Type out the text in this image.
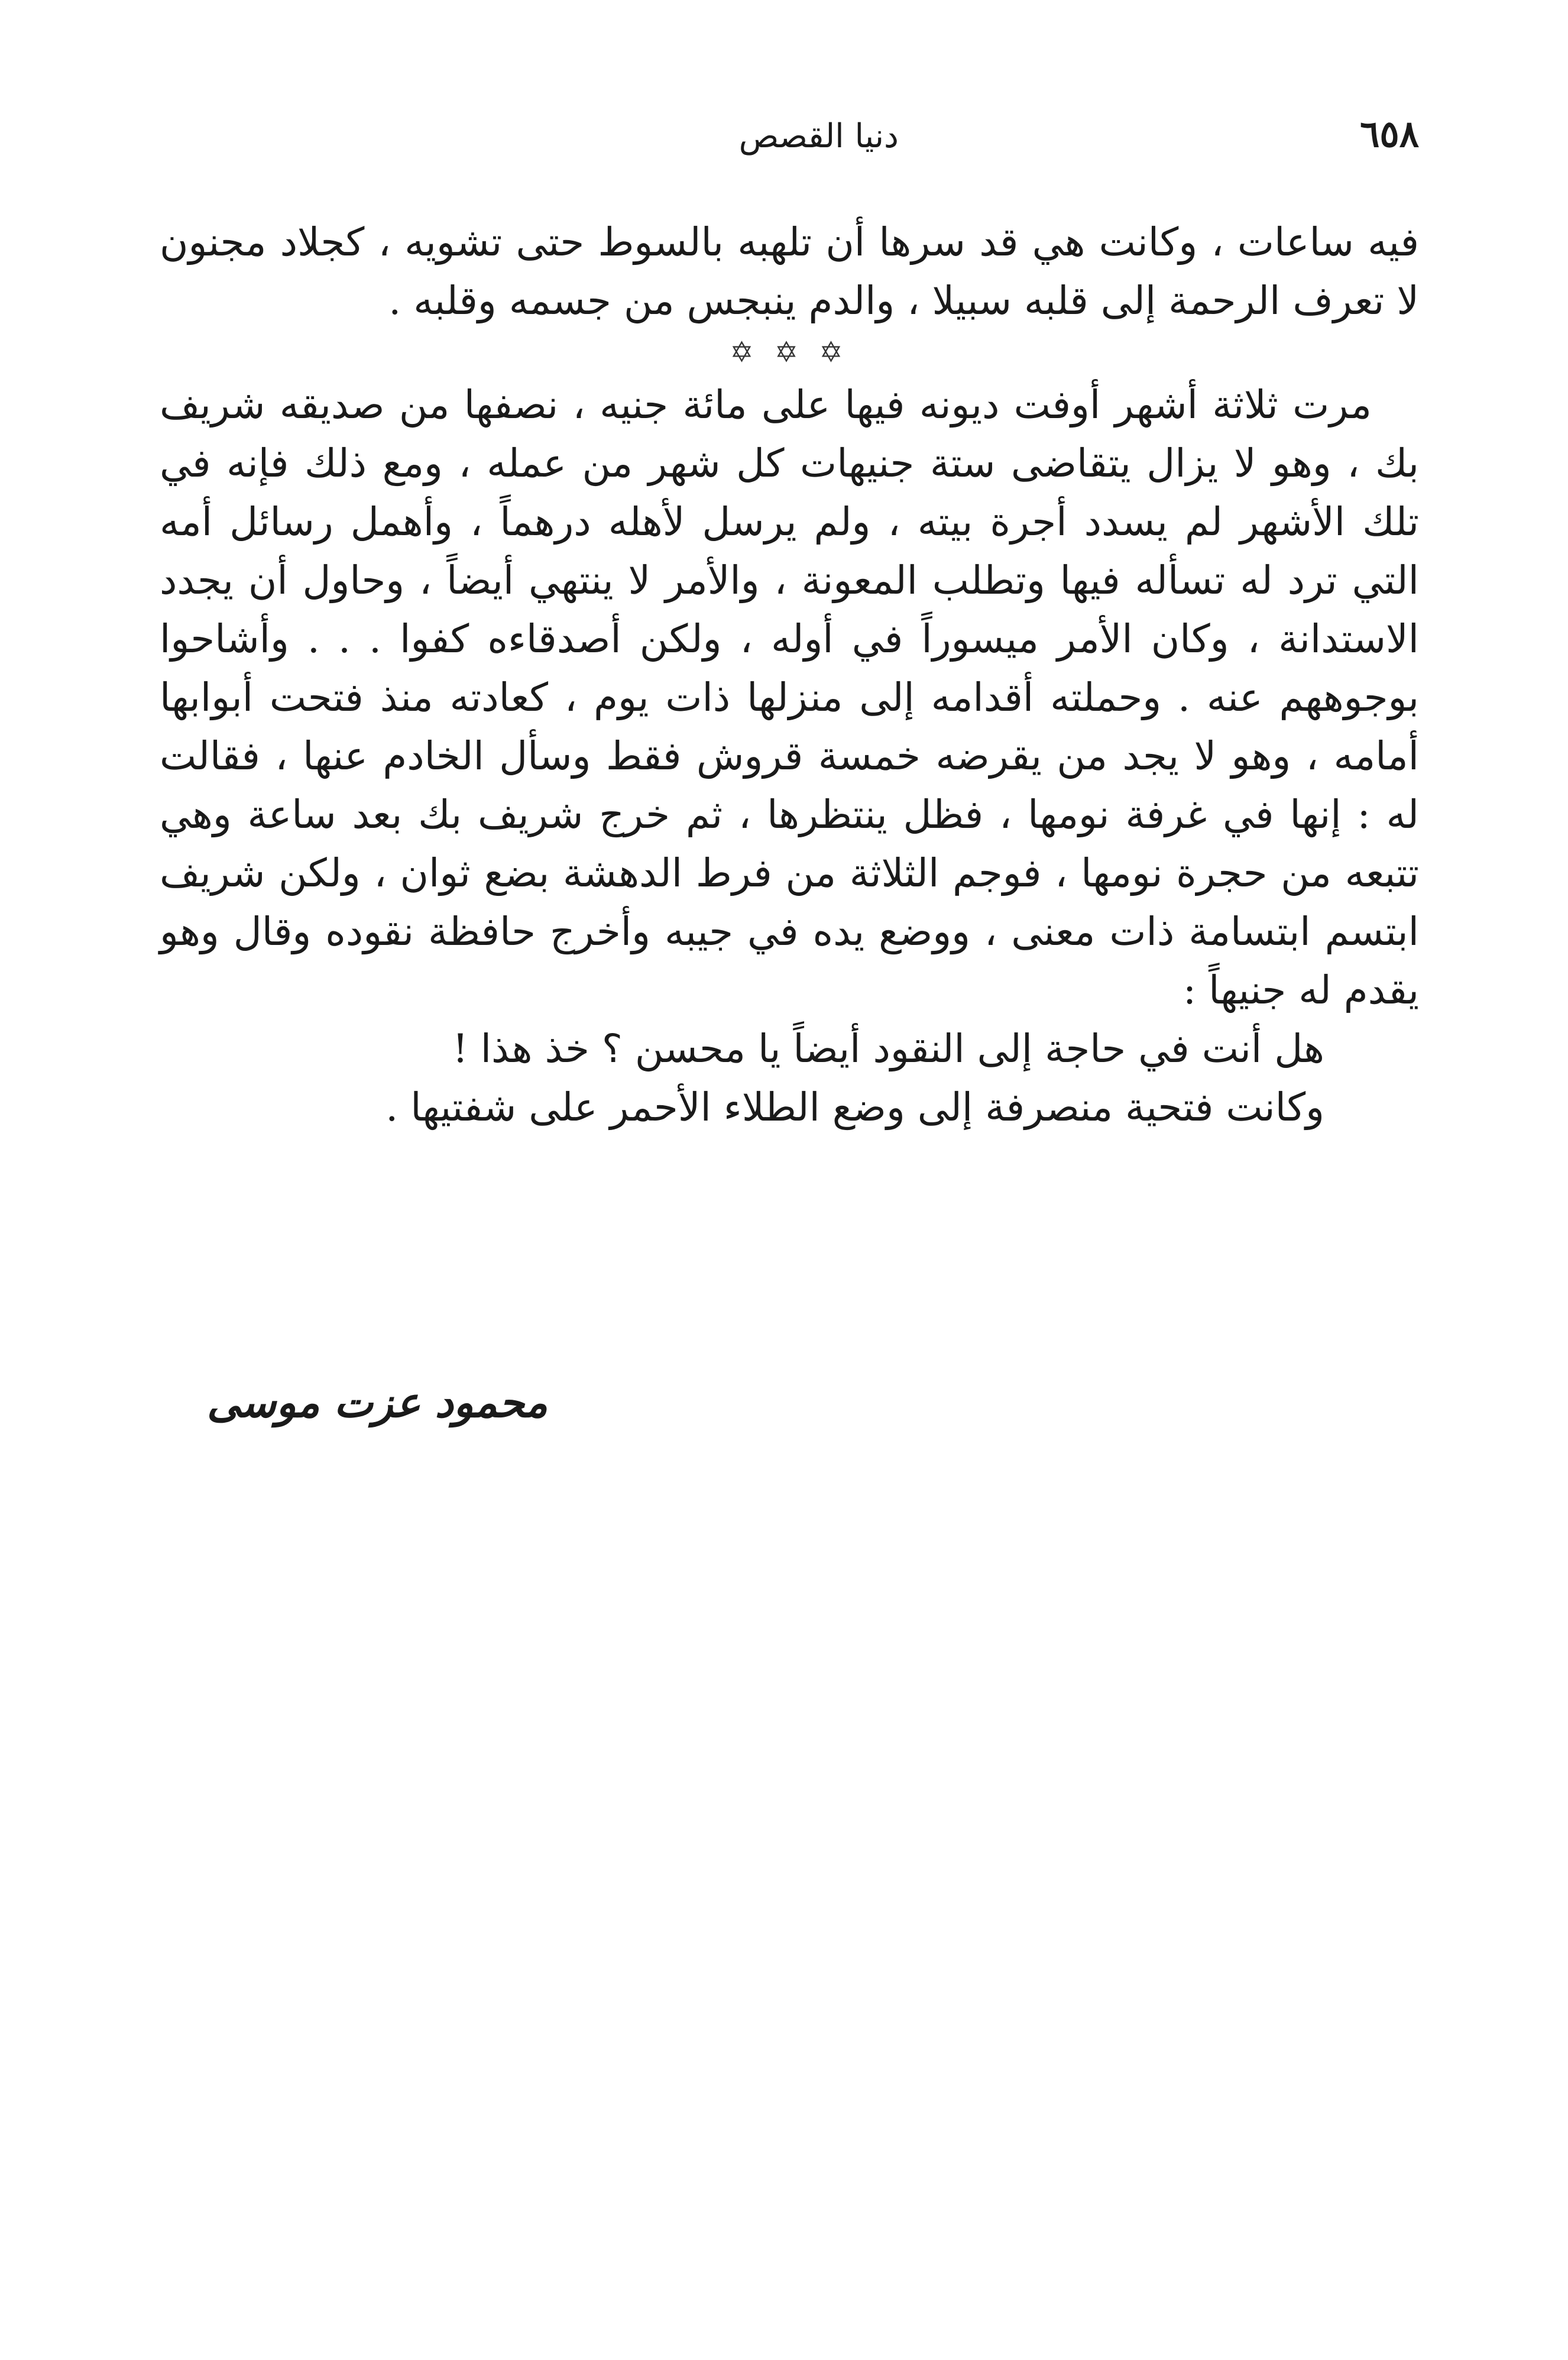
٦٥٨
دنيا القصص

فيه ساعات ، وكانت هي قد سرها أن تلهبه بالسوط حتى تشويه ، كجلاد مجنون لا تعرف الرحمة إلى قلبه سبيلا ، والدم ينبجس من جسمه وقلبه .

✡ ✡ ✡

مرت ثلاثة أشهر أوفت ديونه فيها على مائة جنيه ، نصفها من صديقه شريف بك ، وهو لا يزال يتقاضى ستة جنيهات كل شهر من عمله ، ومع ذلك فإنه في تلك الأشهر لم يسدد أجرة بيته ، ولم يرسل لأهله درهماً ، وأهمل رسائل أمه التي ترد له تسأله فيها وتطلب المعونة ، والأمر لا ينتهي أيضاً ، وحاول أن يجدد الاستدانة ، وكان الأمر ميسوراً في أوله ، ولكن أصدقاءه كفوا . . . وأشاحوا بوجوههم عنه . وحملته أقدامه إلى منزلها ذات يوم ، كعادته منذ فتحت أبوابها أمامه ، وهو لا يجد من يقرضه خمسة قروش فقط وسأل الخادم عنها ، فقالت له : إنها في غرفة نومها ، فظل ينتظرها ، ثم خرج شريف بك بعد ساعة وهي تتبعه من حجرة نومها ، فوجم الثلاثة من فرط الدهشة بضع ثوان ، ولكن شريف ابتسم ابتسامة ذات معنى ، ووضع يده في جيبه وأخرج حافظة نقوده وقال وهو يقدم له جنيهاً :

هل أنت في حاجة إلى النقود أيضاً يا محسن ؟ خذ هذا !

وكانت فتحية منصرفة إلى وضع الطلاء الأحمر على شفتيها .

محمود عزت موسى
